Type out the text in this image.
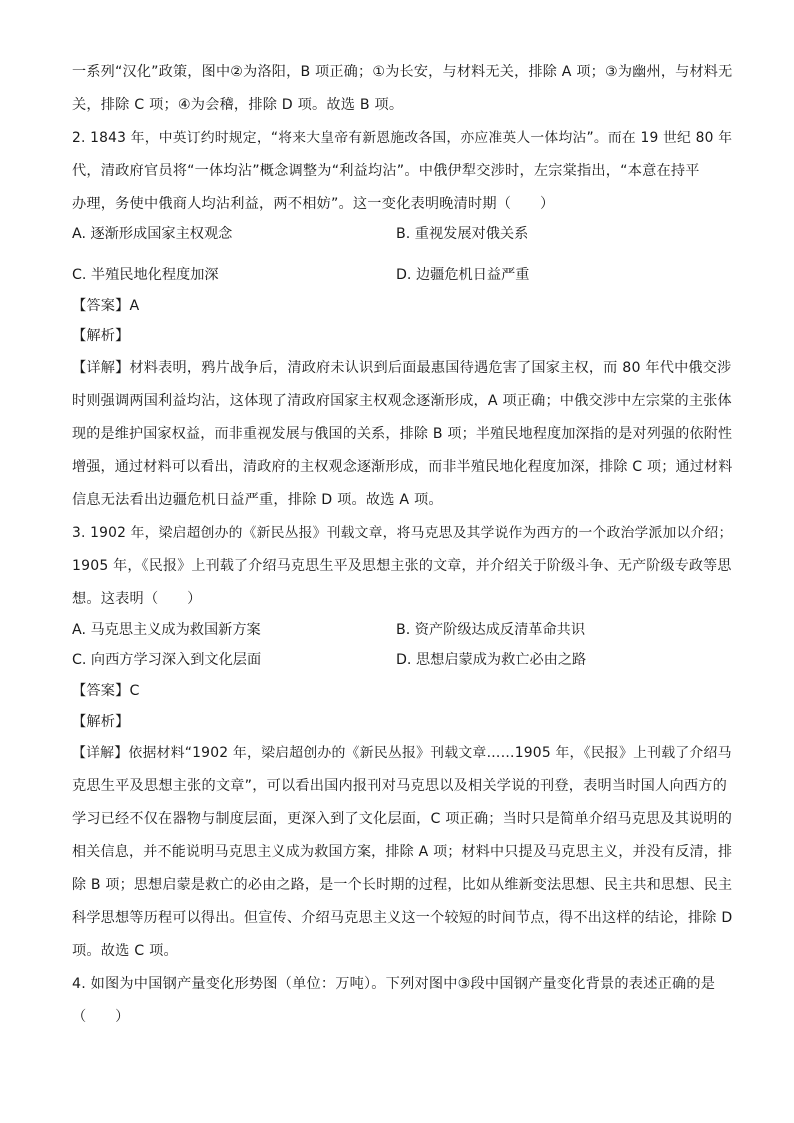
一系列“汉化”政策，图中②为洛阳，B 项正确；①为长安，与材料无关，排除 A 项；③为幽州，与材料无
关，排除 C 项；④为会稽，排除 D 项。故选 B 项。
2. 1843 年，中英订约时规定，“将来大皇帝有新恩施改各国，亦应准英人一体均沾”。而在 19 世纪 80 年
代，清政府官员将“一体均沾”概念调整为“利益均沾”。中俄伊犁交涉时，左宗棠指出，“本意在持平
办理，务使中俄商人均沾利益，两不相妨”。这一变化表明晚清时期（　　）
A. 逐渐形成国家主权观念	B. 重视发展对俄关系
C. 半殖民地化程度加深	D. 边疆危机日益严重
【答案】A
【解析】
【详解】材料表明，鸦片战争后，清政府未认识到后面最惠国待遇危害了国家主权，而 80 年代中俄交涉
时则强调两国利益均沾，这体现了清政府国家主权观念逐渐形成，A 项正确；中俄交涉中左宗棠的主张体
现的是维护国家权益，而非重视发展与俄国的关系，排除 B 项；半殖民地程度加深指的是对列强的依附性
增强，通过材料可以看出，清政府的主权观念逐渐形成，而非半殖民地化程度加深，排除 C 项；通过材料
信息无法看出边疆危机日益严重，排除 D 项。故选 A 项。
3. 1902 年，梁启超创办的《新民丛报》刊载文章，将马克思及其学说作为西方的一个政治学派加以介绍；
1905 年，《民报》上刊载了介绍马克思生平及思想主张的文章，并介绍关于阶级斗争、无产阶级专政等思
想。这表明（　　）
A. 马克思主义成为救国新方案	B. 资产阶级达成反清革命共识
C. 向西方学习深入到文化层面	D. 思想启蒙成为救亡必由之路
【答案】C
【解析】
【详解】依据材料“1902 年，梁启超创办的《新民丛报》刊载文章……1905 年，《民报》上刊载了介绍马
克思生平及思想主张的文章”，可以看出国内报刊对马克思以及相关学说的刊登，表明当时国人向西方的
学习已经不仅在器物与制度层面，更深入到了文化层面，C 项正确；当时只是简单介绍马克思及其说明的
相关信息，并不能说明马克思主义成为救国方案，排除 A 项；材料中只提及马克思主义，并没有反清，排
除 B 项；思想启蒙是救亡的必由之路，是一个长时期的过程，比如从维新变法思想、民主共和思想、民主
科学思想等历程可以得出。但宣传、介绍马克思主义这一个较短的时间节点，得不出这样的结论，排除 D
项。故选 C 项。
4. 如图为中国钢产量变化形势图（单位：万吨）。下列对图中③段中国钢产量变化背景的表述正确的是
（　　）
